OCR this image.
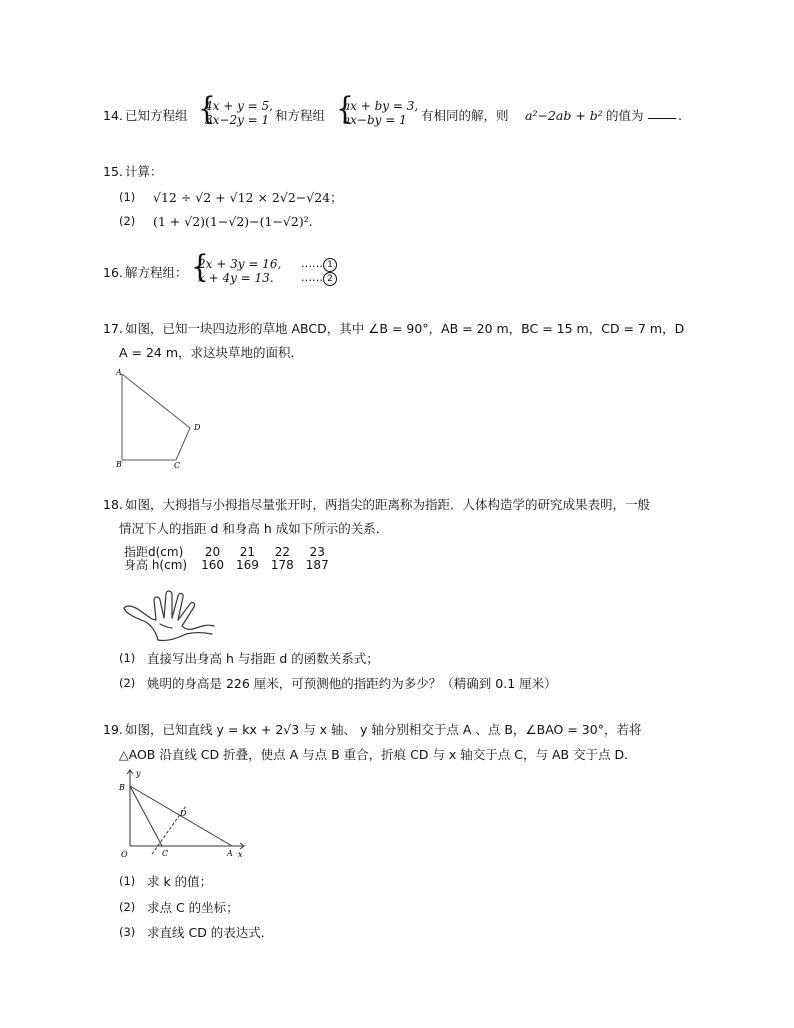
14. 已知方程组 {
4x + y = 5,
3x−2y = 1 和方程组 {
ax + by = 3,
ax−by = 1 有相同的解，则 a²−2ab + b² 的值为	.
15. 计算：
(1) √12 ÷ √2 + √12 × 2√2−√24；
(2) (1 + √2)(1−√2)−(1−√2)².
16. 解方程组： {
2x + 3y = 16,
x + 4y = 13.
…… 1
…… 2
17. 如图，已知一块四边形的草地 ABCD，其中 ∠B = 90°，AB = 20 m，BC = 15 m，CD = 7 m，D
A = 24 m，求这块草地的面积．
A
B	C
D
18. 如图，大拇指与小拇指尽量张开时，两指尖的距离称为指距．人体构造学的研究成果表明，一般
情况下人的指距 d 和身高 h 成如下所示的关系．
指距d(cm)	20	21	22	23
身高 h(cm)	160	169	178	187
(1) 直接写出身高 h 与指距 d 的函数关系式；
(2) 姚明的身高是 226 厘米，可预测他的指距约为多少？（精确到 0.1 厘米）
19. 如图，已知直线 y = kx + 2√3 与 x 轴、 y 轴分别相交于点 A 、点 B，∠BAO = 30°，若将
△AOB 沿直线 CD 折叠，使点 A 与点 B 重合，折痕 CD 与 x 轴交于点 C，与 AB 交于点 D．
y
x
B
O	C	A
D
(1) 求 k 的值；
(2) 求点 C 的坐标；
(3) 求直线 CD 的表达式．
